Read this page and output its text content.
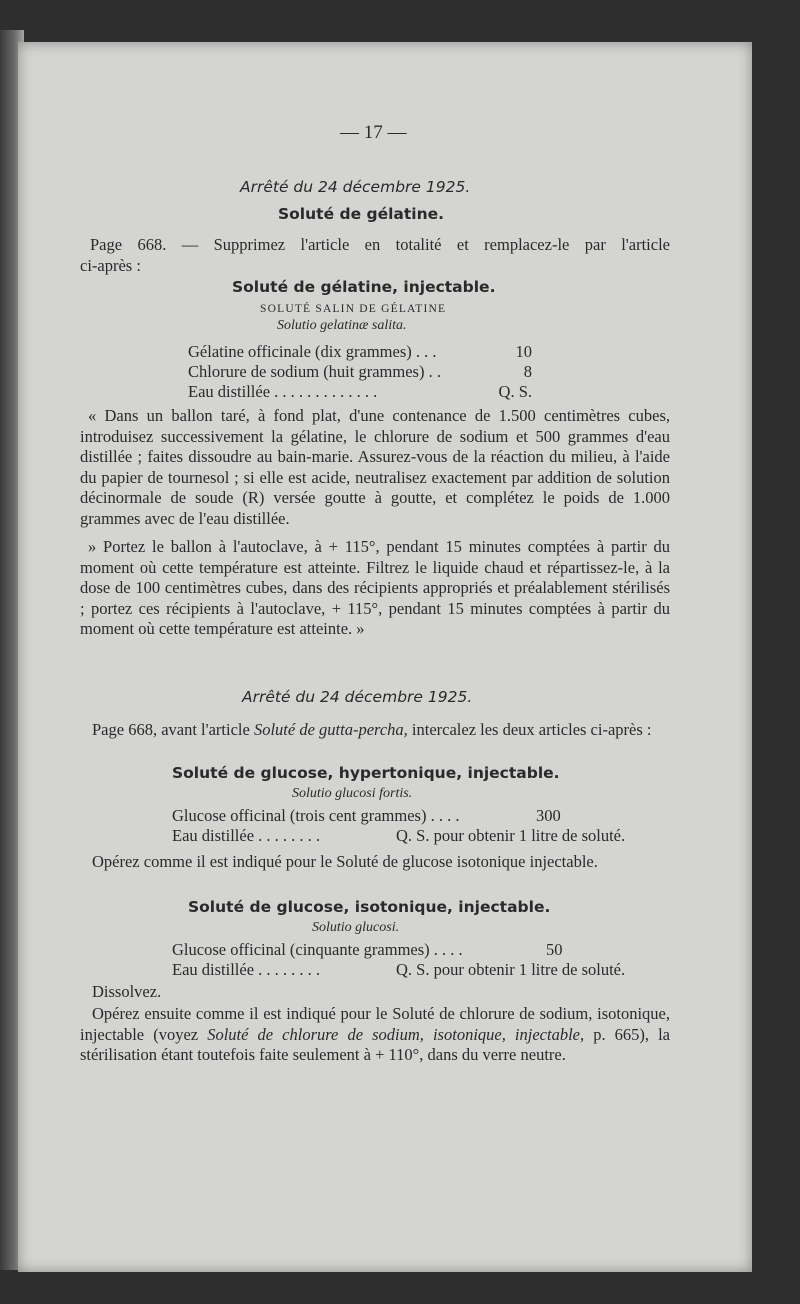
— 17 —
Arrêté du 24 décembre 1925.
Soluté de gélatine.
Page 668. — Supprimez l'article en totalité et remplacez-le par l'article
ci-après :
Soluté de gélatine, injectable.
SOLUTÉ SALIN DE GÉLATINE
Solutio gelatinæ salita.
Gélatine officinale (dix grammes) . . .	10
Chlorure de sodium (huit grammes) . .	8
Eau distillée . . . . . . . . . . . . .	Q. S.

« Dans un ballon taré, à fond plat, d'une contenance de 1.500 centimètres cubes, introduisez successivement la gélatine, le chlorure de sodium et 500 grammes d'eau distillée ; faites dissoudre au bain-marie. Assurez-vous de la réaction du milieu, à l'aide du papier de tournesol ; si elle est acide, neutralisez exactement par addition de solution décinormale de soude (R) versée goutte à goutte, et complétez le poids de 1.000 grammes avec de l'eau distillée.

» Portez le ballon à l'autoclave, à + 115°, pendant 15 minutes comptées à partir du moment où cette température est atteinte. Filtrez le liquide chaud et répartissez-le, à la dose de 100 centimètres cubes, dans des récipients appropriés et préalablement stérilisés ; portez ces récipients à l'autoclave, + 115°, pendant 15 minutes comptées à partir du moment où cette température est atteinte. »

Arrêté du 24 décembre 1925.

Page 668, avant l'article Soluté de gutta-percha, intercalez les deux articles ci-après :

Soluté de glucose, hypertonique, injectable.
Solutio glucosi fortis.
Glucose officinal (trois cent grammes) . . . .	300
Eau distillée . . . . . . . .	Q. S. pour obtenir 1 litre de soluté.

Opérez comme il est indiqué pour le Soluté de glucose isotonique injectable.

Soluté de glucose, isotonique, injectable.
Solutio glucosi.
Glucose officinal (cinquante grammes) . . . .	50
Eau distillée . . . . . . . .	Q. S. pour obtenir 1 litre de soluté.
Dissolvez.

Opérez ensuite comme il est indiqué pour le Soluté de chlorure de sodium, isotonique, injectable (voyez Soluté de chlorure de sodium, isotonique, injectable, p. 665), la stérilisation étant toutefois faite seulement à + 110°, dans du verre neutre.
